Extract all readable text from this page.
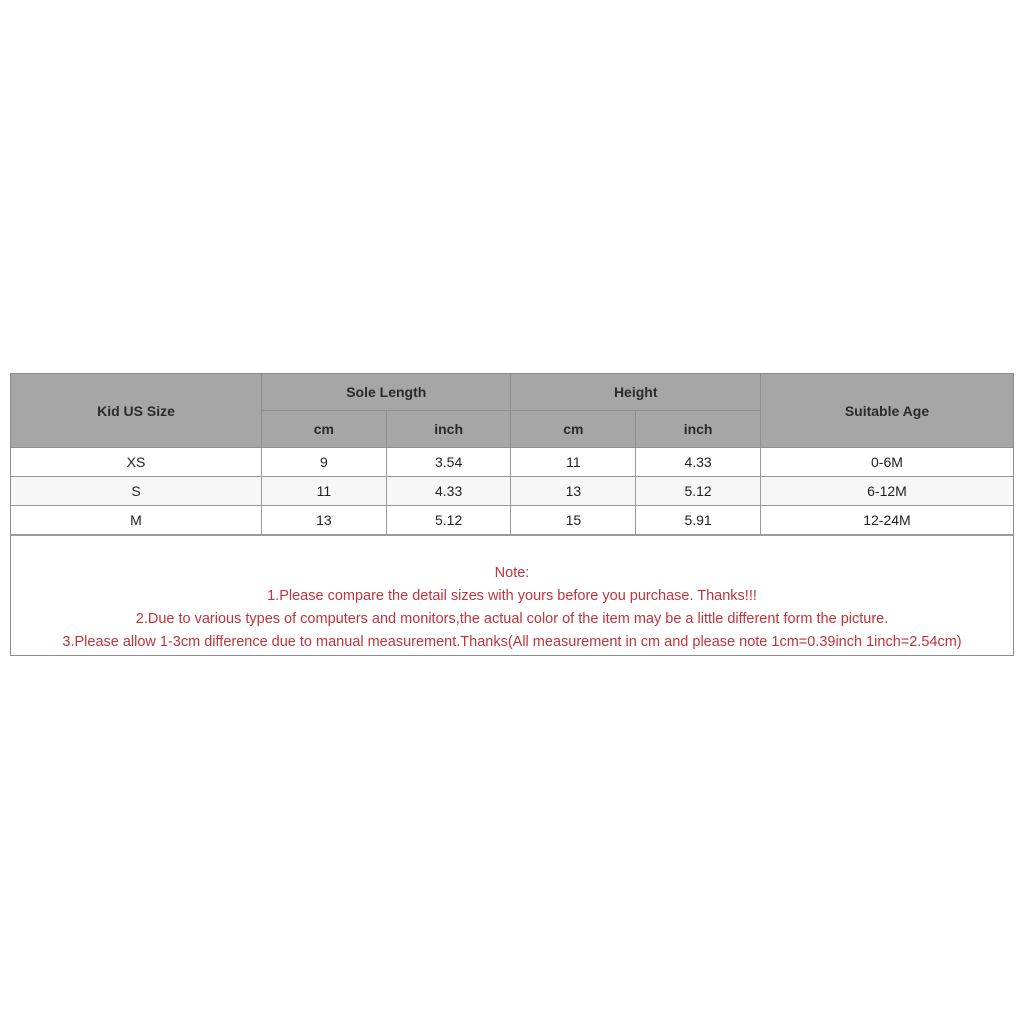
Kid US Size	Sole Length		Height		Suitable Age
	cm	inch	cm	inch	
XS	9	3.54	11	4.33	0-6M
S	11	4.33	13	5.12	6-12M
M	13	5.12	15	5.91	12-24M
Note:
1.Please compare the detail sizes with yours before you purchase. Thanks!!!
2.Due to various types of computers and monitors,the actual color of the item may be a little different form the picture.
3.Please allow 1-3cm difference due to manual measurement.Thanks(All measurement in cm and please note 1cm=0.39inch 1inch=2.54cm)
